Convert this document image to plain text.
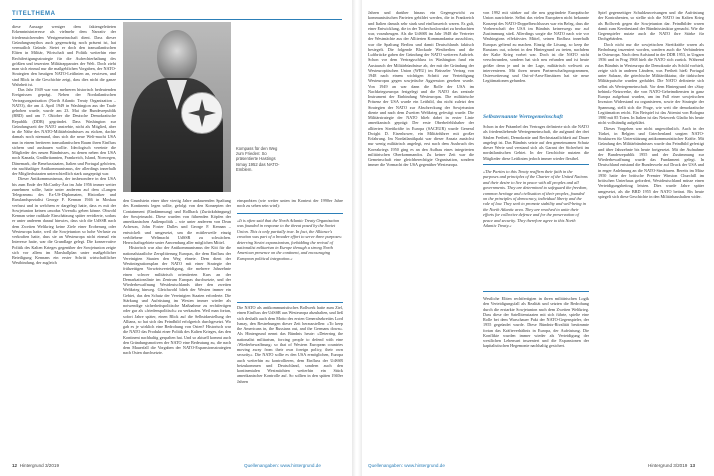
TITELTHEMA

diese Aussage weniger dem faktengeleiteten Erkenntnisinteresse als vielmehr dem Narrativ der friedenssichernden Westgemeinschaft dient. Dass dieser Gründungsmythos auch gegenwärtig noch präsent ist, hat vermutlich Gründe. Stetet er doch den transatlantischen Eliten in Militär, Wirtschaft und Politik weiterhin eine Rechtfertigungsstrategie für die Aufrechterhaltung des größten und teuersten Militärapparates der Welt. Doch zieht man sich einmal nur die maßgeblichen Vorgaben, der NATO-Strategien den heutigen NATO-Leitlinien an, erwiesen, und sind Blick in die Geschichte zeigt, dass dies nicht die ganze Wahrheit ist.

Das Jahr 1949 war von mehreren historisch bedeutenden Ereignissen geprägt. Neben der Nordatlantischen Vertragsorganisation (North Atlantic Treaty Organization – NATO), die am 4. April 1949 in Washington aus der Taufe gehoben wurde, wurde am 23. Mai die Bundesrepublik (BRD) und am 7. Oktober die Deutsche Demokratische Republik (DDR) gegründet. Dass Washington zur Gründungszeit der NATO anstrebte, nicht als Mitglied, aber in die Nähe des NATO-Militärbündnisses zu rücken, dachte damals noch niemand, dass sich die neue Welt-macht USA nun in einem breiteren transatlantischen Raum ihren Einfluss sichern und ausbauen wollte. Ideologisch vereinte die Mitglieder des neuen Bündnisses, zu denen neben den USA noch Kanada, Großbritannien, Frankreich, Island, Norwegen, Dänemark, die Beneluxstaaten, Italien und Portugal gehörten, ein nachhaltiger Antikommunismus, der allerdings innerhalb der Mitgliedsstaaten unterschiedlich stark ausgeprägt war.

Dieser Antikommunismus, der insbesondere in den USA bis zum Ende der McCarthy-Ära im Jahr 1956 immer weiter zunehmen sollte, hatte unter anderem auf dem »Langen Telegramm« des Ex-US-Diplomaten, Historiker und Russlandspezialist George F. Kennan 1946 in Moskau verfasst und in welchem er dargelegt hatte, dass es mit der Sowjetunion keinen »modus Vivendi« geben könne. Obwohl Kennan seine radikale Einschätzung später revidierte, sodass er unter anderem darauf hinwies, dass sich die UdSSR nach dem Zweiten Weltkrieg keine Ziele einer Eroberung oder Westeuropa hatte, weil die Sowjetunion so hohe Verluste zu verkraften hatte, dass sie an Westeuropa nicht einmal ein Interesse hatte, war die Grundlage gelegt. Die konservative Politik des Kalten Krieges gegenüber der Sowjetunion zeigte sich vor allem im Marshallplan unter maßgeblicher Beteiligung Kennans ein erster Schritt wirtschaftlicher Westbindung, der zugleich

Kompass für den Weg zum Frieden: So präsentierte Hastings Ismay 1952 das NATO-Emblem.

den Grundstein einer über viertig Jahre andauernden Spaltung des Kontinents legen sollte, gefolgt von den Konzepten der Containment (Eindämmung) und Rollback (Zurückdrängung) der Sowjetmacht. Diese wurden von führenden Köpfen der amerikanischen Außenpolitik – wie unter anderem von Dean Acheson, John Foster Dulles und George F. Kennan – entwickelt und umgesetzt, um die mittlerweile einzig verbliebene Weltmacht UdSSR zu schwächen. Herrschaftsgebiete unter Anwendung aller möglichen Mittel.

Historisch war also der Antikommunismus der Kitt für die nationalstaatliche Zersplitterung Europas, die dem Einfluss der Vereinigten Staaten den Weg ebnete. Dem dient der Westintegrationsplan der NATO mit einer Strategie der frühzeitigen Vorwärtsverteidigung, die mehrere Jahrzehnte einen schwer militärisch orientierten Kurs an der Demarkationslinie im Zentrum Europas durchsetzte, und der Wiederbewaffnung Westdeutschlands über den zweiten Weltkrieg hinweg. Gleichwohl blieb der Westen immer ein Gebiet, das den Schutz der Vereinigten Staaten erforderte. Die Stärkung und Aufrüstung im Westen immer wieder als notwendige sicherheitspolitische Maßnahme zu rechtfertigen oder gar als »friedenspolitisch« zu verkaufen. Weil man fortan, sofort Jahre später, einen Blick auf die Selbstdarstellung der Allianz, so hat sich das Feindbild erfolgreich durchgesetzt. Wo gab es je wirklich eine Bedrohung von Osten? Historisch war die NATO das Produkt einer Politik des Kalten Krieges, das den Kontinent nachhaltig gespalten hat. Und so aktuell kommt auch den Gründungsmotiven der NATO eine Bedeutung zu, die nach dem Mauerfall die Vorgaben der NATO-Expansionsstrategien nach Osten durchsetzte.

einsprobten (wie weiter unten im Kontext der 1990er Jahre noch zu sehen sein wird):
»It is often said that the North Atlantic Treaty Organization was founded in response to the threat posed by the Soviet Union. This is only partially true. In fact, the Alliance's creation was part of a broader effort to serve three purposes: deterring Soviet expansionism, forbidding the revival of nationalist militarism in Europe through a strong North American presence on the continent, and encouraging European political integration.«
Die NATO als antikommunistisches Bollwerk hatte zum Ziel, einen Einfluss der UdSSR aus Westeuropa abzuhalten, und ließ sich deshalb auch dem Motto des ersten Generalsekretärs Lord Ismay, den Bestrebungen dieser Zeit herausstellen: »To keep the Americans in, the Russians out, and the Germans down«. Als Hintergrund nennt das Bündnis heute: »Deterring the nationalist militarism, forcing people to defend with eine ›Wiederbewaffnung‹ so that of Western European countries moving away from their own foreign policy, their own security«. Die NATO sollte es den USA ermöglichen, Europa auch weiterhin zu kontrollieren, dem Einfluss der UdSSR beizukommen und Deutschland, sondern auch den kontinentalen Westmächten weiterhin ein Stück amerikanischer Kontrolle auf. So sollten in den späten 1940er Jahren
12 Hintergrund 3/2019	Quellenangaben: www.hintergrund.de
Jahren und darüber hinaus ein Gegengewicht zu kommunistischen Parteien gebildet werden, die in Frankreich und Italien damals sehr stark und einflussreich waren. Es galt, einer Entwicklung, die in der Tschechoslowakei zu beobachten war, vorzubeugen. Als die UdSSR im Jahr 1948 die Vertreter der Westmächte aus der Alliierten Kommandantur ausschloss, war die Spaltung Berlins und damit Deutschlands faktisch besiegelt. Die folgende Blockade Westberlins und die Luftbrücke gaben der Gründung der NATO weiteren Auftrieb. Schon vor dem Vertragsschluss in Washington fand ein Austausch der Militärbündnisse ab, der mit der Gründung der Westeuropäischen Union (WEU) im Brüsseler Vertrag von 1948 nach einem wichtigen Schritt zur Verteidigung Westeuropas gegen sowjetische Aggression gesehen wurde. Von 1949 an war dann die Rolle der USA im Nachkriegseuropa festgelegt und die NATO das zentrale Instrument der Einbindung Westeuropas. Die militärische Präsenz der USA wurde ein Leitbild, das nicht zuletzt den Strategien der NATO zur Abschreckung der Sowjetunion diente und nach dem Zweiten Weltkrieg gefestigt wurde. Die Militärstrategie der NATO blieb dabei in erster Linie amerikanisch geprägt: Der erste Oberbefehlshaber der alliierten Streitkräfte in Europa (SACEUR) wurde General Dwight D. Eisenhower, ein Militärführer mit großer Erfahrung. Im Nordatlantikpakt war dieser Ansatz zunächst nur wenig militärisch angelegt, erst nach dem Ausbruch des Koreakriegs 1950 ging es an den Aufbau eines integrierten militärischen Oberkommandos. Zu keiner Zeit war die Gemeinschaft eine gleichberechtigte Organisation, sondern immer die Vormacht der USA gegenüber Westeuropa.
von 1992 mit stärker auf die neu gegründete Europäische Union ausrichtete. Selbst das vielen Europäern nicht bekannte Konzept des NATO-Doppelbeschlusses war ein Beleg, dass die Vorherrschaft der USA im Bündnis keineswegs nur auf Zustimmung stieß. Allerdings sorgte die NATO nach wie vor Washingtons effektivstes Mittel, seinen Einfluss innerhalb Europas geltend zu machen. Einzig die Lösung, so keep the Russians out, scheint in den Hintergrund zu treten, nachdem der Kalte Krieg vorbei war. Doch ist die NATO nicht verschwunden, sondern hat sich neu erfunden und ist heute größer denn je und in der Lage, militärisch weltweit zu intervenieren. Mit ihren neuen Partnerschaftsprogrammen, Osterweiterung und Out-of-Area-Einsätzen hat sie neue Legitimationen gefunden.
Selbsternannte Wertegemeinschaft
Schon in der Präambel des Vertrages definierte sich die NATO als friedensliebende Wertegemeinschaft, die aufgrund der drei Säulen Freiheit, Demokratie und Rechtsstaatlichkeit auf Dauer angelegt ist. Das Bündnis setzte auf den gemeinsamen Schutz dieser Werte und verstand sich als Garant der Sicherheit im nordatlantischen Gebiet. In der Geschichte nutzten die Mitglieder diese Leitlinien jedoch immer wieder flexibel.
»The Parties to this Treaty reaffirm their faith in the purposes and principles of the Charter of the United Nations and their desire to live in peace with all peoples and all governments. They are determined to safeguard the freedom, common heritage and civilisation of their peoples, founded on the principles of democracy, individual liberty and the rule of law. They seek to promote stability and well-being in the North Atlantic area. They are resolved to unite their efforts for collective defence and for the preservation of peace and security. They therefore agree to this North Atlantic Treaty.«
Westliche Eliten rechtfertigten in ihren militärischen Logik den Verteidigungsfall als Realität und setzten die Bedrohung durch die erstarkte Sowjetunion nach dem Zweiten Weltkrieg. Dass diese der Satellitenstaaten mit sich führte, spielte eine Rolle bei dem Warschauer Pakt der NATO-Gegenspieler, der 1955 gegründet wurde. Diese Bündnis-Rivalität bestimmte fortan das Kräfteverhältnis in Europa, der Aufrüstung. Die Konflikte wurden immer wieder als Verteidigung der westlichen Lebensart inszeniert und die Expansionen der kapitalistischen Hegemonie nachhaltig gesichert.

Spiel gegenseitiger Schuldzuweisungen und die Aufrüstung der Kontrahenten, so stellte sich die NATO im Kalten Krieg als Bollwerk gegen die Sowjetunion dar. Feindbilder waren damit zum Kernbestand der Bündnisstruktur gemacht. Wie die Gegenspieler nutzte auch die NATO ihre Stärke für Drohgebärden.

Doch nicht nur die sowjetischen Streitkräfte waren als Bedrohung inszeniert worden, sondern auch die Verbündeten in Osteuropa. Nach dem Aufstand in der DDR 1953, in Ungarn 1956 und in Prag 1968 hielt die NATO sich zurück. Während das Bündnis in Westeuropa die Demokratie als Schild vorhielt, zeigte sich in anderen Ländern, was Freiheit hieß: Portugal unter Salazar, die griechische Militärdiktatur, die türkischen Militärputsche wurden geduldet. Die NATO definierte sich selbst als Wertegemeinschaft. Vor dem Hintergrund der »Stay behind«-Netzwerke, die von NATO-Geheimdiensten in ganz Europa aufgebaut wurden, um im Fall einer sowjetischen Invasion Widerstand zu organisieren, sowie der Strategie der Spannung, stellt sich die Frage, wie weit die demokratische Legitimation reicht. Ein Beispiel ist das Attentat von Bologna 1980 mit 85 Toten. In Italien ist das Netzwerk Gladio bis heute nicht vollständig aufgeklärt.

Dieses Vorgehen war nicht ungewöhnlich. Auch in der Türkei, in Belgien und Griechenland sorgten NATO-Strukturen für Unterstützung antikommunistischer Kräfte. Mit Gründung des Militärbündnisses wurde das Feindbild gefestigt und über Jahrzehnte bis heute fortgesetzt. Mit der Aufnahme der Bundesrepublik 1955 und der Zustimmung zur Wiederbewaffnung wurde das Fundament gelegt. In Deutschland entstand die Bundeswehr auf Druck der USA und in enger Anlehnung an die NATO-Strukturen. Bereits im März 1950 hatte der britische Premier Winston Churchill im britischen Unterhaus gefordert, Westdeutschland müsse einen Verteidigungsbeitrag leisten. Dies wurde Jahre später umgesetzt, als die BRD 1955 der NATO beitrat. Bis heute spiegelt sich diese Geschichte in den Militärhaushalten wider.

Quellenangaben: www.hintergrund.de	Hintergrund 3/2019 13
